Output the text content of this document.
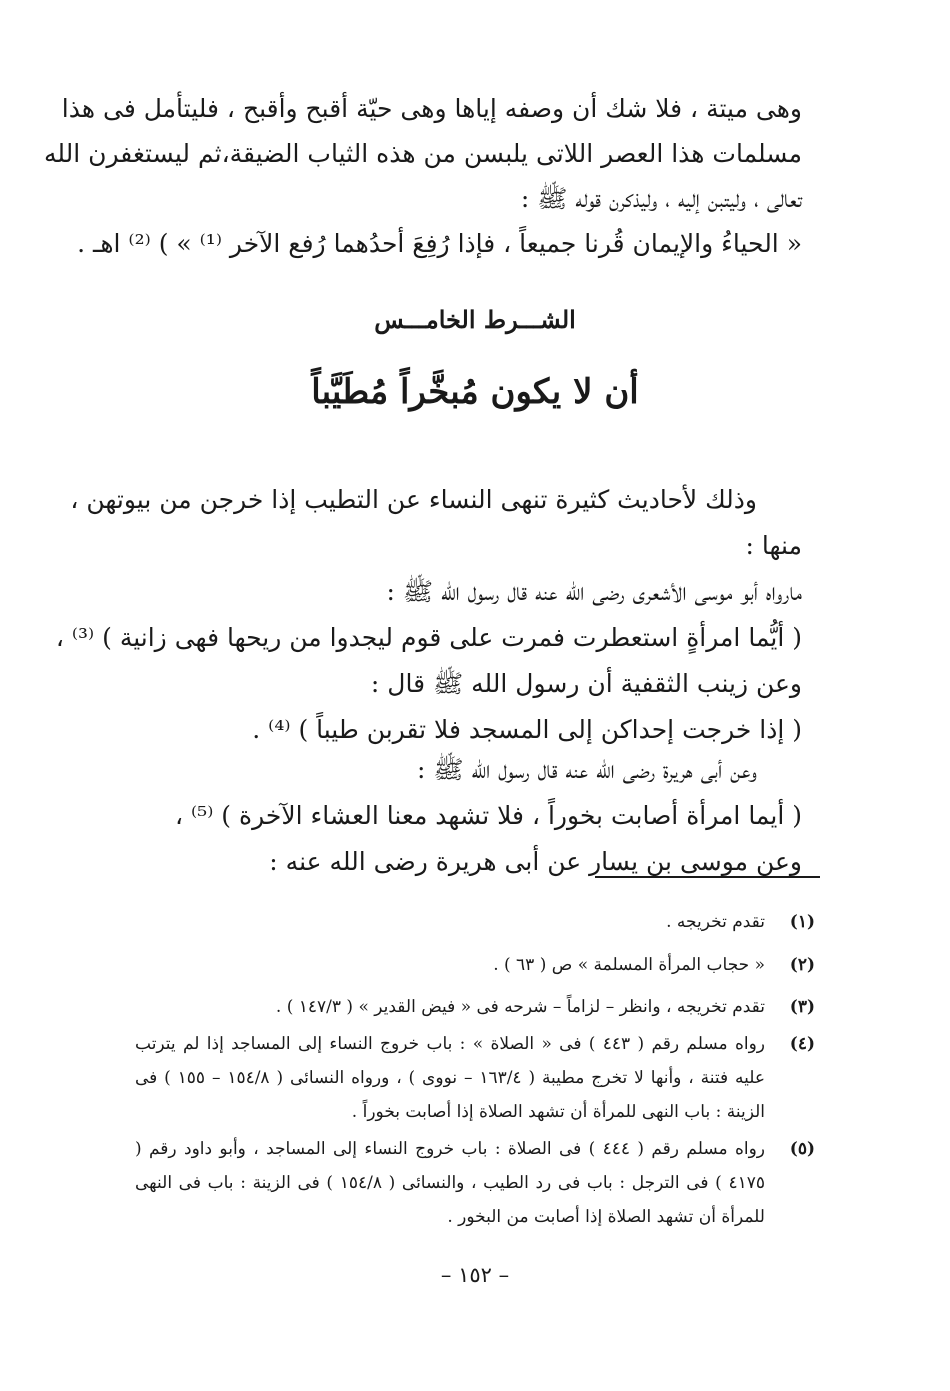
وهى ميتة ، فلا شك أن وصفه إياها وهى حيّة أقبح وأقبح ، فليتأمل فى هذا
مسلمات هذا العصر اللاتى يلبسن من هذه الثياب الضيقة،ثم ليستغفرن الله
تعالى ، وليتبن إليه ، وليذكرن قوله ﷺ :
« الحياءُ والإيمان قُرنا جميعاً ، فإذا رُفِعَ أحدُهما رُفع الآخر ⁽¹⁾ » ) ⁽²⁾ اهـ .
الشـــرط الخامـــس
أن لا يكون مُبخَّراً مُطَيَّباً
وذلك لأحاديث كثيرة تنهى النساء عن التطيب إذا خرجن من بيوتهن ،
منها :
مارواه أبو موسى الأشعرى رضى الله عنه قال رسول الله ﷺ :
( أيُّما امرأةٍ استعطرت فمرت على قوم ليجدوا من ريحها فهى زانية ) ⁽³⁾ ،
وعن زينب الثقفية أن رسول الله ﷺ قال :
( إذا خرجت إحداكن إلى المسجد فلا تقربن طيباً ) ⁽⁴⁾ .
وعن أبى هريرة رضى الله عنه قال رسول الله ﷺ :
( أيما امرأة أصابت بخوراً ، فلا تشهد معنا العشاء الآخرة ) ⁽⁵⁾ ،
وعن موسى بن يسار عن أبى هريرة رضى الله عنه :
(١)
تقدم تخريجه .
(٢)
« حجاب المرأة المسلمة » ص ( ٦٣ ) .
(٣)
تقدم تخريجه ، وانظر – لزاماً – شرحه فى « فيض القدير » ( ١٤٧/٣ ) .
(٤)
رواه مسلم رقم ( ٤٤٣ ) فى « الصلاة » : باب خروج النساء إلى المساجد إذا لم يترتب عليه فتنة ، وأنها لا تخرج مطيبة ( ١٦٣/٤ – نووى ) ، ورواه النسائى ( ١٥٤/٨ – ١٥٥ ) فى الزينة : باب النهى للمرأة أن تشهد الصلاة إذا أصابت بخوراً .
(٥)
رواه مسلم رقم ( ٤٤٤ ) فى الصلاة : باب خروج النساء إلى المساجد ، وأبو داود رقم ( ٤١٧٥ ) فى الترجل : باب فى رد الطيب ، والنسائى ( ١٥٤/٨ ) فى الزينة : باب فى النهى للمرأة أن تشهد الصلاة إذا أصابت من البخور .
– ١٥٢ –
